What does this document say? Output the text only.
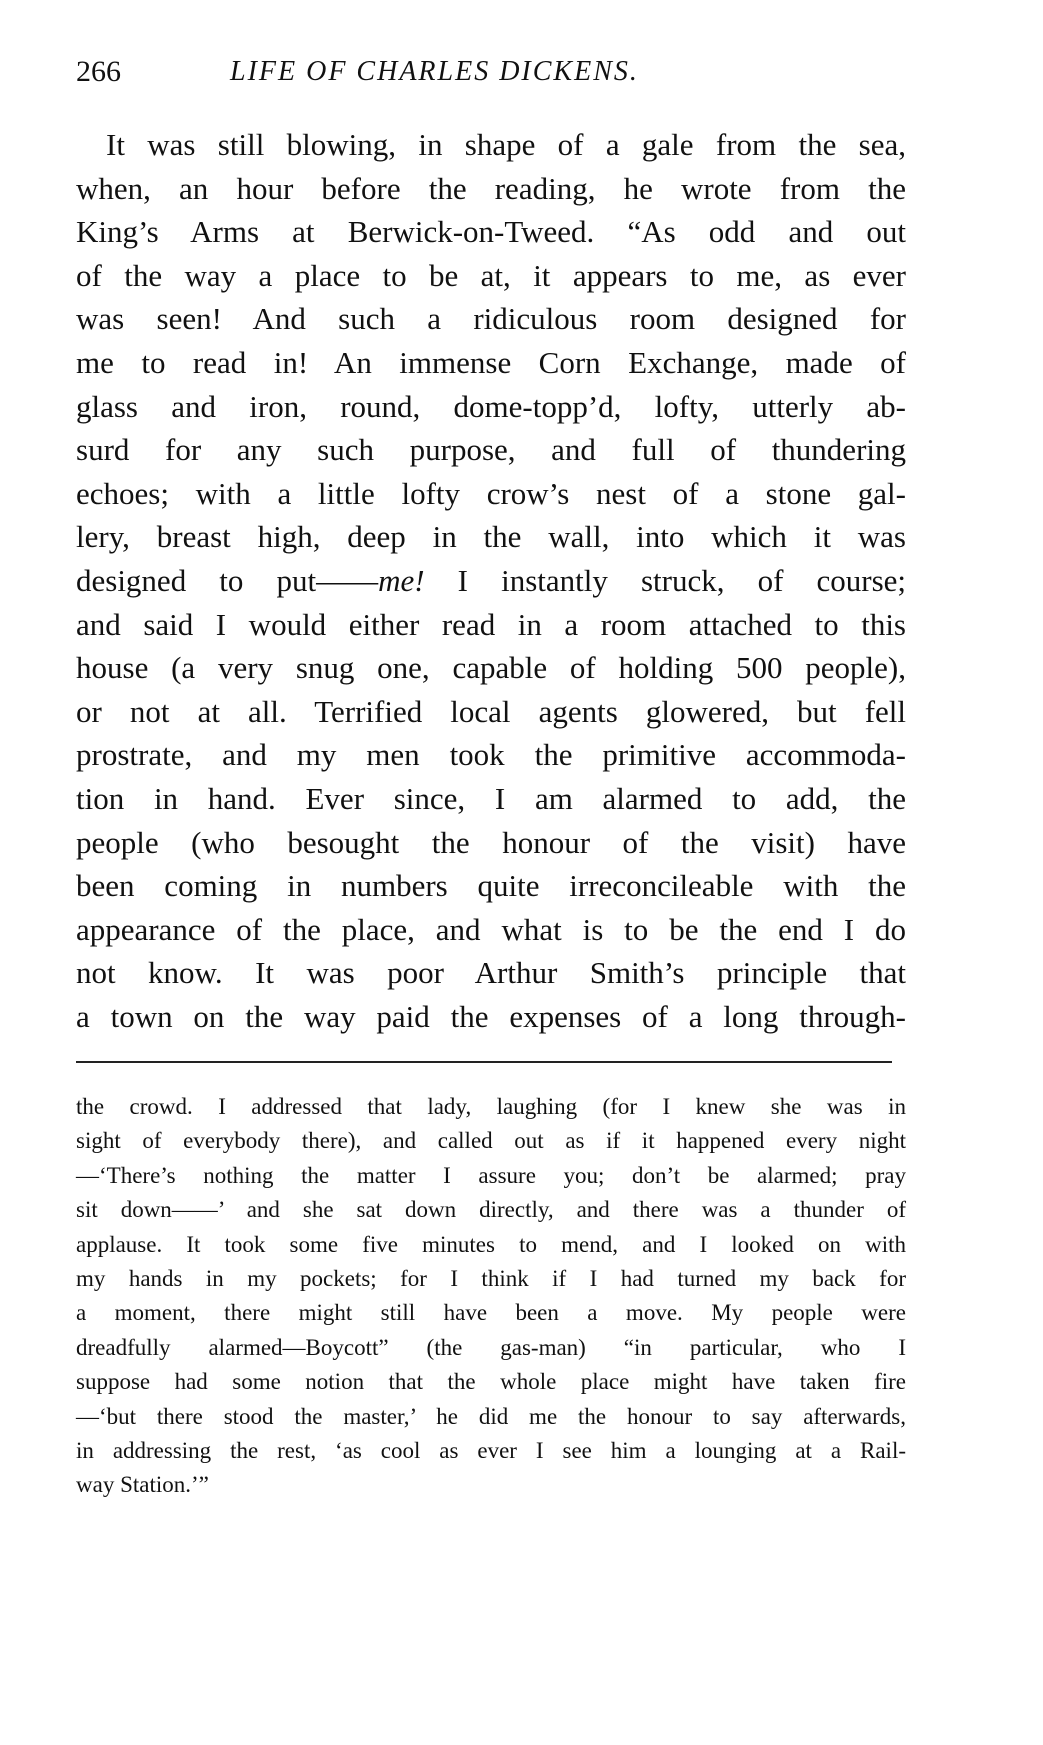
266	LIFE OF CHARLES DICKENS.
It was still blowing, in shape of a gale from the sea,
when, an hour before the reading, he wrote from the
King’s Arms at Berwick-on-Tweed. “As odd and out
of the way a place to be at, it appears to me, as ever
was seen! And such a ridiculous room designed for
me to read in! An immense Corn Exchange, made of
glass and iron, round, dome-topp’d, lofty, utterly ab-
surd for any such purpose, and full of thundering
echoes; with a little lofty crow’s nest of a stone gal-
lery, breast high, deep in the wall, into which it was
designed to put——me! I instantly struck, of course;
and said I would either read in a room attached to this
house (a very snug one, capable of holding 500 people),
or not at all. Terrified local agents glowered, but fell
prostrate, and my men took the primitive accommoda-
tion in hand. Ever since, I am alarmed to add, the
people (who besought the honour of the visit) have
been coming in numbers quite irreconcileable with the
appearance of the place, and what is to be the end I do
not know. It was poor Arthur Smith’s principle that
a town on the way paid the expenses of a long through-
the crowd. I addressed that lady, laughing (for I knew she was in
sight of everybody there), and called out as if it happened every night
—‘There’s nothing the matter I assure you; don’t be alarmed; pray
sit down——’ and she sat down directly, and there was a thunder of
applause. It took some five minutes to mend, and I looked on with
my hands in my pockets; for I think if I had turned my back for
a moment, there might still have been a move. My people were
dreadfully alarmed—Boycott” (the gas-man) “in particular, who I
suppose had some notion that the whole place might have taken fire
—‘but there stood the master,’ he did me the honour to say afterwards,
in addressing the rest, ‘as cool as ever I see him a lounging at a Rail-
way Station.’”
